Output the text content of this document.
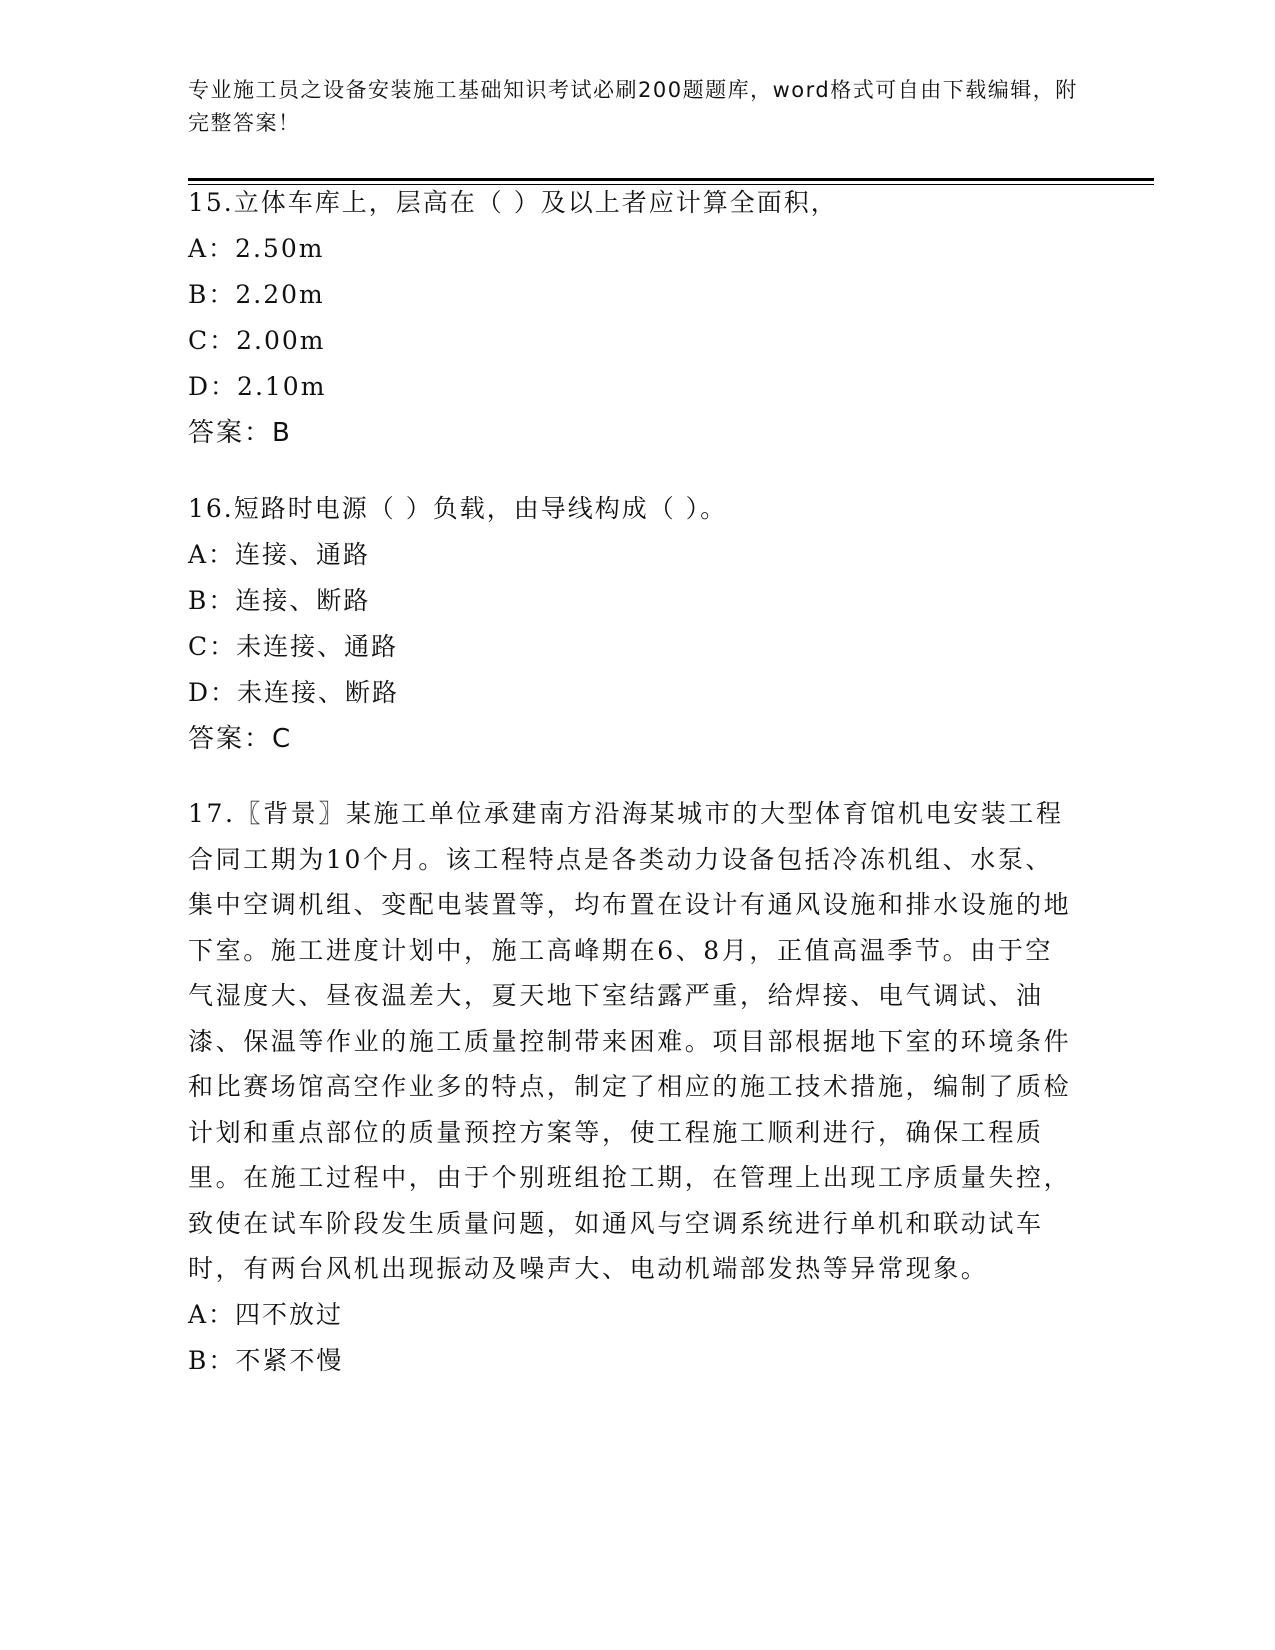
专业施工员之设备安装施工基础知识考试必刷200题题库，word格式可自由下载编辑，附完整答案！
15.立体车库上，层高在（ ）及以上者应计算全面积，
A：2.50m
B：2.20m
C：2.00m
D：2.10m
答案：B
16.短路时电源（ ）负载，由导线构成（ ）。
A：连接、通路
B：连接、断路
C：未连接、通路
D：未连接、断路
答案：C
17.〖背景〗某施工单位承建南方沿海某城市的大型体育馆机电安装工程合同工期为10个月。该工程特点是各类动力设备包括冷冻机组、水泵、集中空调机组、变配电装置等，均布置在设计有通风设施和排水设施的地下室。施工进度计划中，施工高峰期在6、8月，正值高温季节。由于空气湿度大、昼夜温差大，夏天地下室结露严重，给焊接、电气调试、油漆、保温等作业的施工质量控制带来困难。项目部根据地下室的环境条件和比赛场馆高空作业多的特点，制定了相应的施工技术措施，编制了质检计划和重点部位的质量预控方案等，使工程施工顺利进行，确保工程质里。在施工过程中，由于个别班组抢工期，在管理上出现工序质量失控，致使在试车阶段发生质量问题，如通风与空调系统进行单机和联动试车时，有两台风机出现振动及噪声大、电动机端部发热等异常现象。
A：四不放过
B：不紧不慢
